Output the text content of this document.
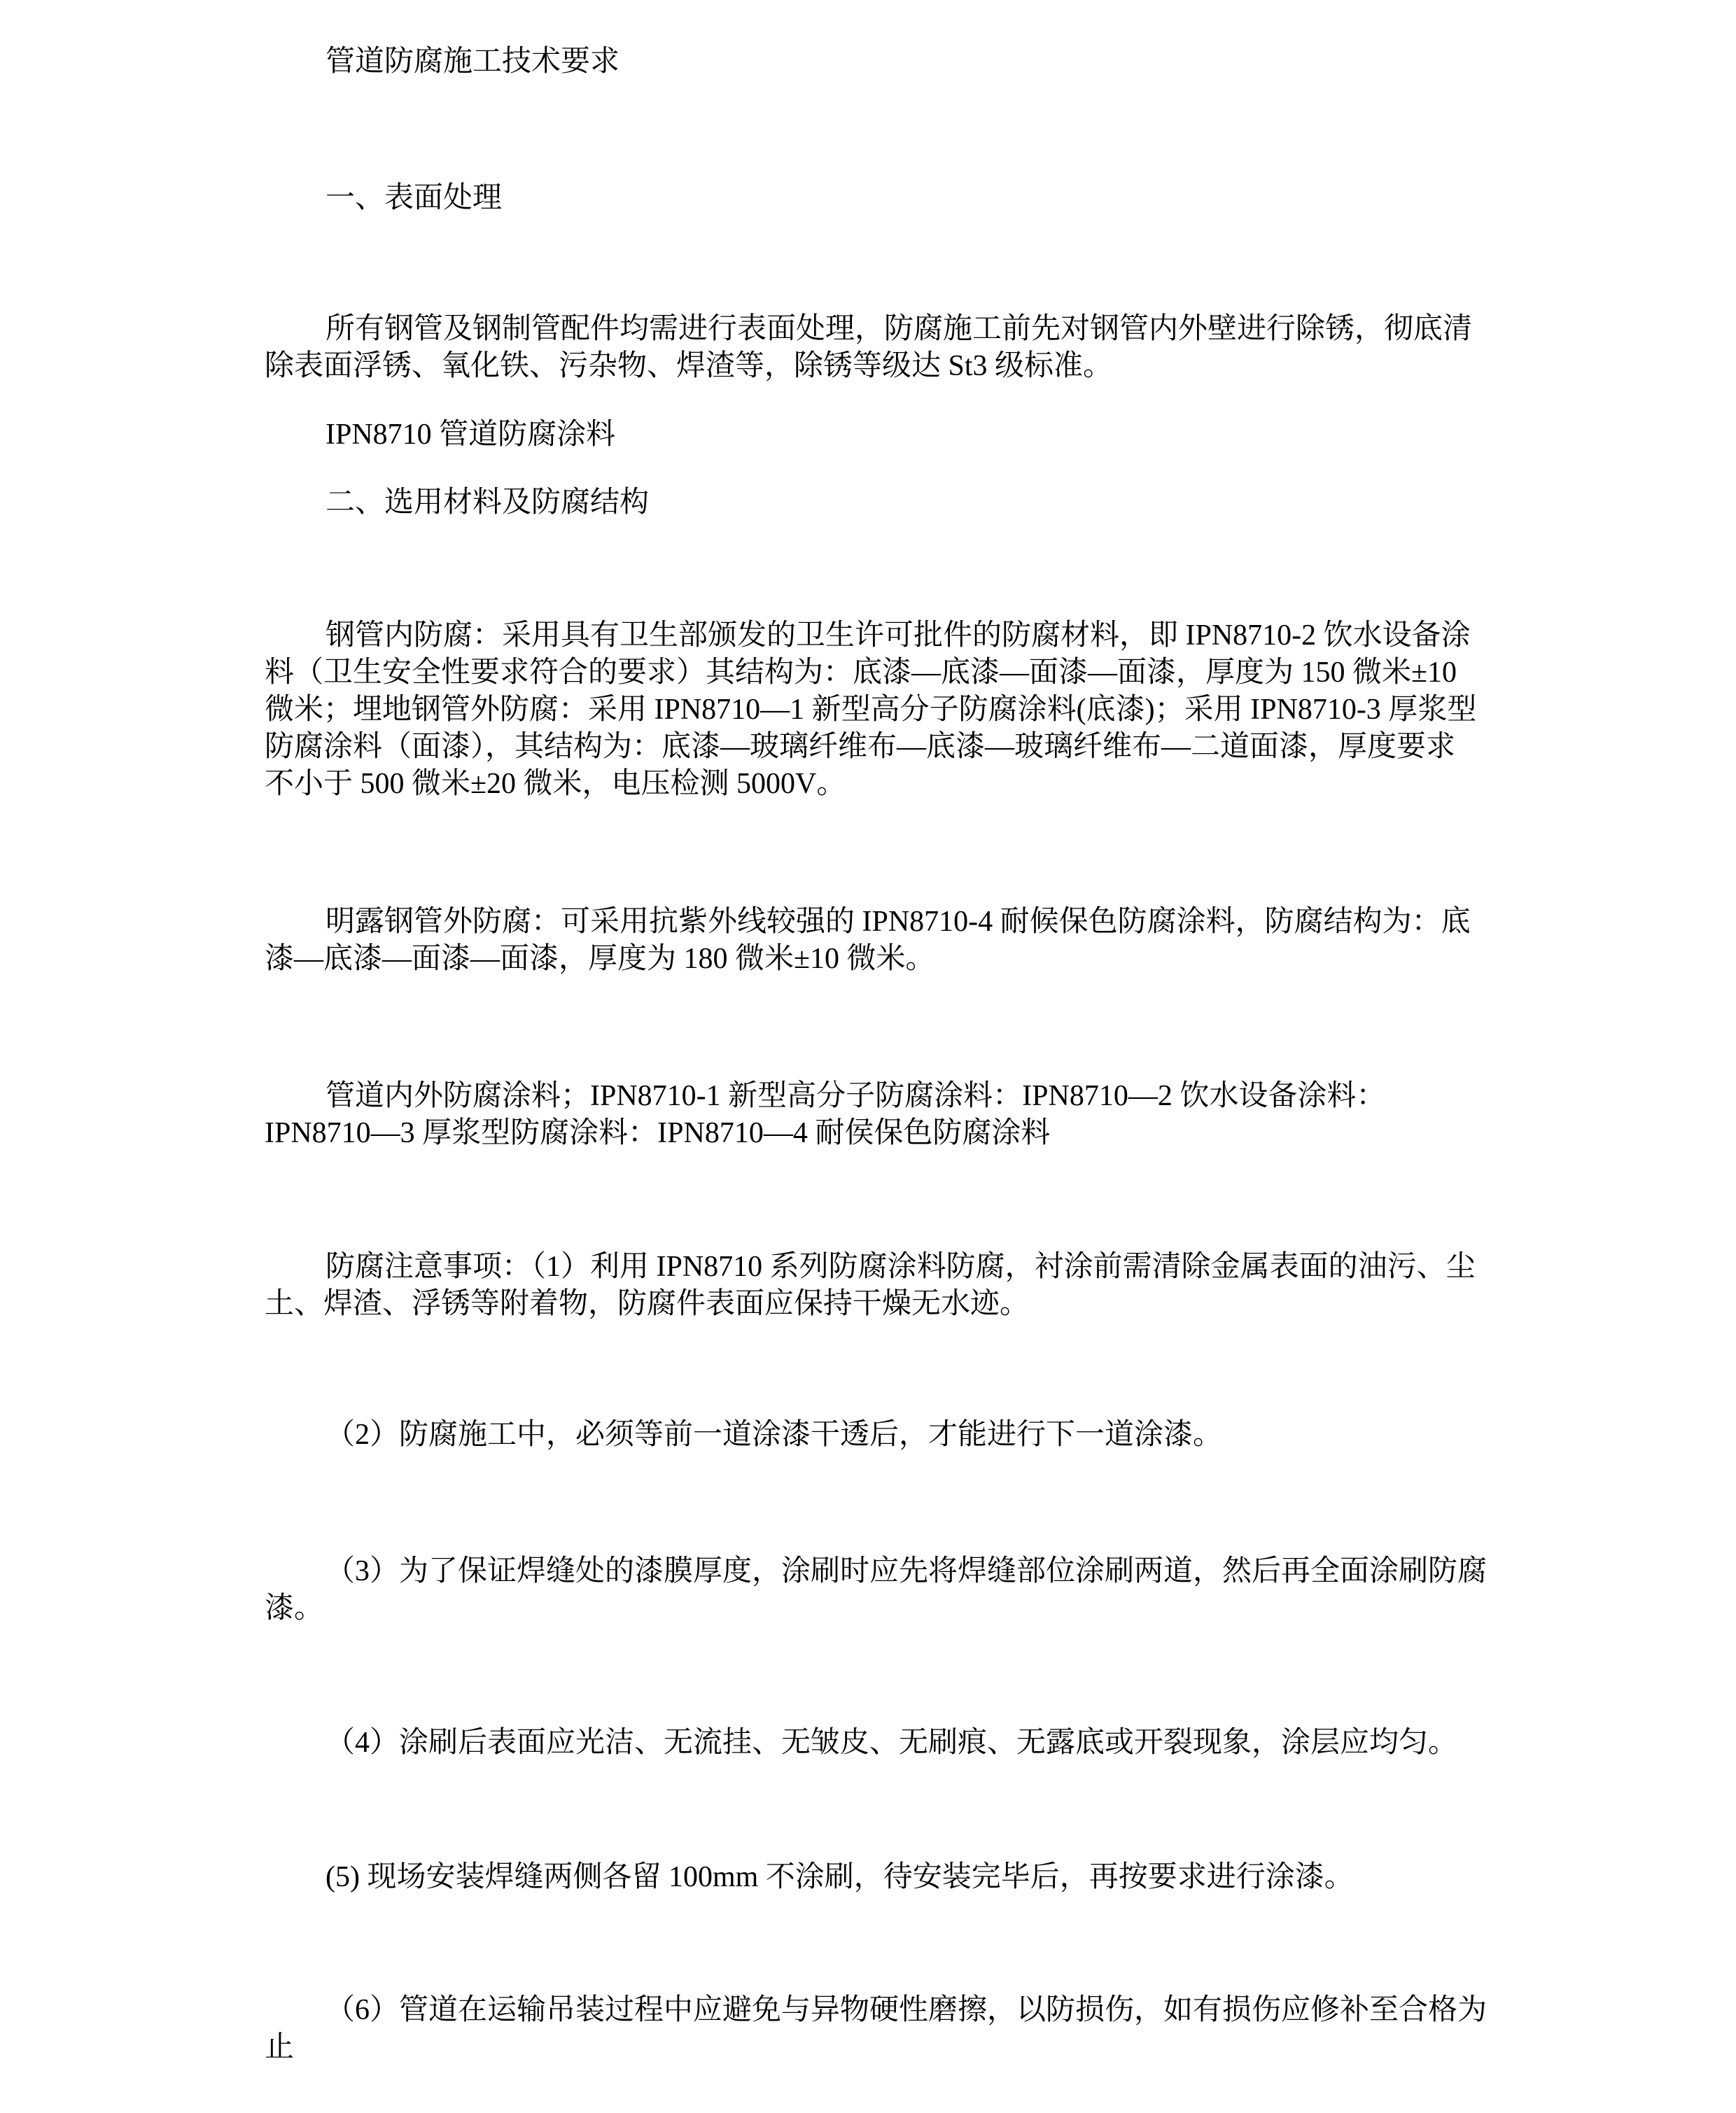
管道防腐施工技术要求
一、表面处理
所有钢管及钢制管配件均需进行表面处理，防腐施工前先对钢管内外壁进行除锈，彻底清
除表面浮锈、氧化铁、污杂物、焊渣等，除锈等级达 St3 级标准。
IPN8710 管道防腐涂料
二、选用材料及防腐结构
钢管内防腐：采用具有卫生部颁发的卫生许可批件的防腐材料，即 IPN8710-2 饮水设备涂
料（卫生安全性要求符合的要求）其结构为：底漆—底漆—面漆—面漆，厚度为 150 微米±10
微米；埋地钢管外防腐：采用 IPN8710—1 新型高分子防腐涂料(底漆)；采用 IPN8710-3 厚浆型
防腐涂料（面漆），其结构为：底漆—玻璃纤维布—底漆—玻璃纤维布—二道面漆，厚度要求
不小于 500 微米±20 微米，电压检测 5000V。
明露钢管外防腐：可采用抗紫外线较强的 IPN8710-4 耐候保色防腐涂料，防腐结构为：底
漆—底漆—面漆—面漆，厚度为 180 微米±10 微米。
管道内外防腐涂料；IPN8710-1 新型高分子防腐涂料：IPN8710—2 饮水设备涂料：
IPN8710—3 厚浆型防腐涂料：IPN8710—4 耐侯保色防腐涂料
防腐注意事项：（1）利用 IPN8710 系列防腐涂料防腐，衬涂前需清除金属表面的油污、尘
土、焊渣、浮锈等附着物，防腐件表面应保持干燥无水迹。
（2）防腐施工中，必须等前一道涂漆干透后，才能进行下一道涂漆。
（3）为了保证焊缝处的漆膜厚度，涂刷时应先将焊缝部位涂刷两道，然后再全面涂刷防腐
漆。
（4）涂刷后表面应光洁、无流挂、无皱皮、无刷痕、无露底或开裂现象，涂层应均匀。
(5) 现场安装焊缝两侧各留 100mm 不涂刷，待安装完毕后，再按要求进行涂漆。
（6）管道在运输吊装过程中应避免与异物硬性磨擦，以防损伤，如有损伤应修补至合格为
止
